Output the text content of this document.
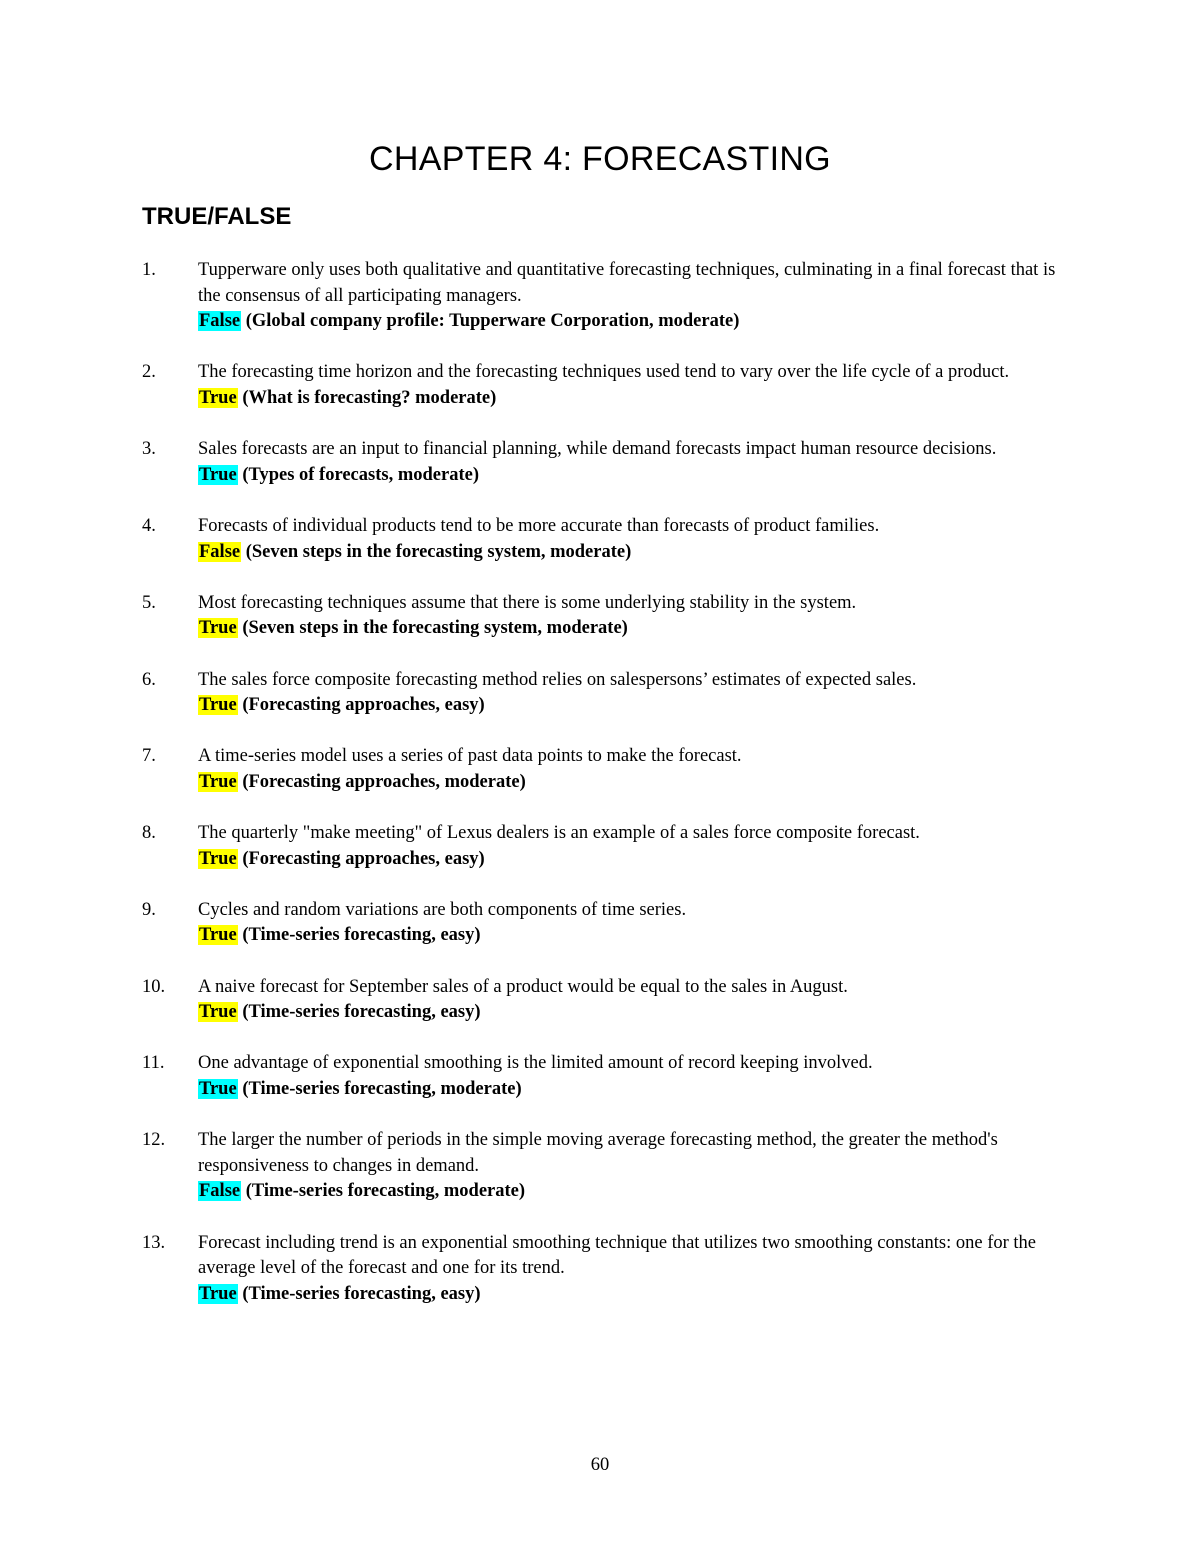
CHAPTER 4: FORECASTING
TRUE/FALSE
1. Tupperware only uses both qualitative and quantitative forecasting techniques, culminating in a final forecast that is the consensus of all participating managers.
False (Global company profile: Tupperware Corporation, moderate)
2. The forecasting time horizon and the forecasting techniques used tend to vary over the life cycle of a product.
True (What is forecasting? moderate)
3. Sales forecasts are an input to financial planning, while demand forecasts impact human resource decisions.
True (Types of forecasts, moderate)
4. Forecasts of individual products tend to be more accurate than forecasts of product families.
False (Seven steps in the forecasting system, moderate)
5. Most forecasting techniques assume that there is some underlying stability in the system.
True (Seven steps in the forecasting system, moderate)
6. The sales force composite forecasting method relies on salespersons’ estimates of expected sales.
True (Forecasting approaches, easy)
7. A time-series model uses a series of past data points to make the forecast.
True (Forecasting approaches, moderate)
8. The quarterly "make meeting" of Lexus dealers is an example of a sales force composite forecast.
True (Forecasting approaches, easy)
9. Cycles and random variations are both components of time series.
True (Time-series forecasting, easy)
10. A naive forecast for September sales of a product would be equal to the sales in August.
True (Time-series forecasting, easy)
11. One advantage of exponential smoothing is the limited amount of record keeping involved.
True (Time-series forecasting, moderate)
12. The larger the number of periods in the simple moving average forecasting method, the greater the method's responsiveness to changes in demand.
False (Time-series forecasting, moderate)
13. Forecast including trend is an exponential smoothing technique that utilizes two smoothing constants: one for the average level of the forecast and one for its trend.
True (Time-series forecasting, easy)
60
